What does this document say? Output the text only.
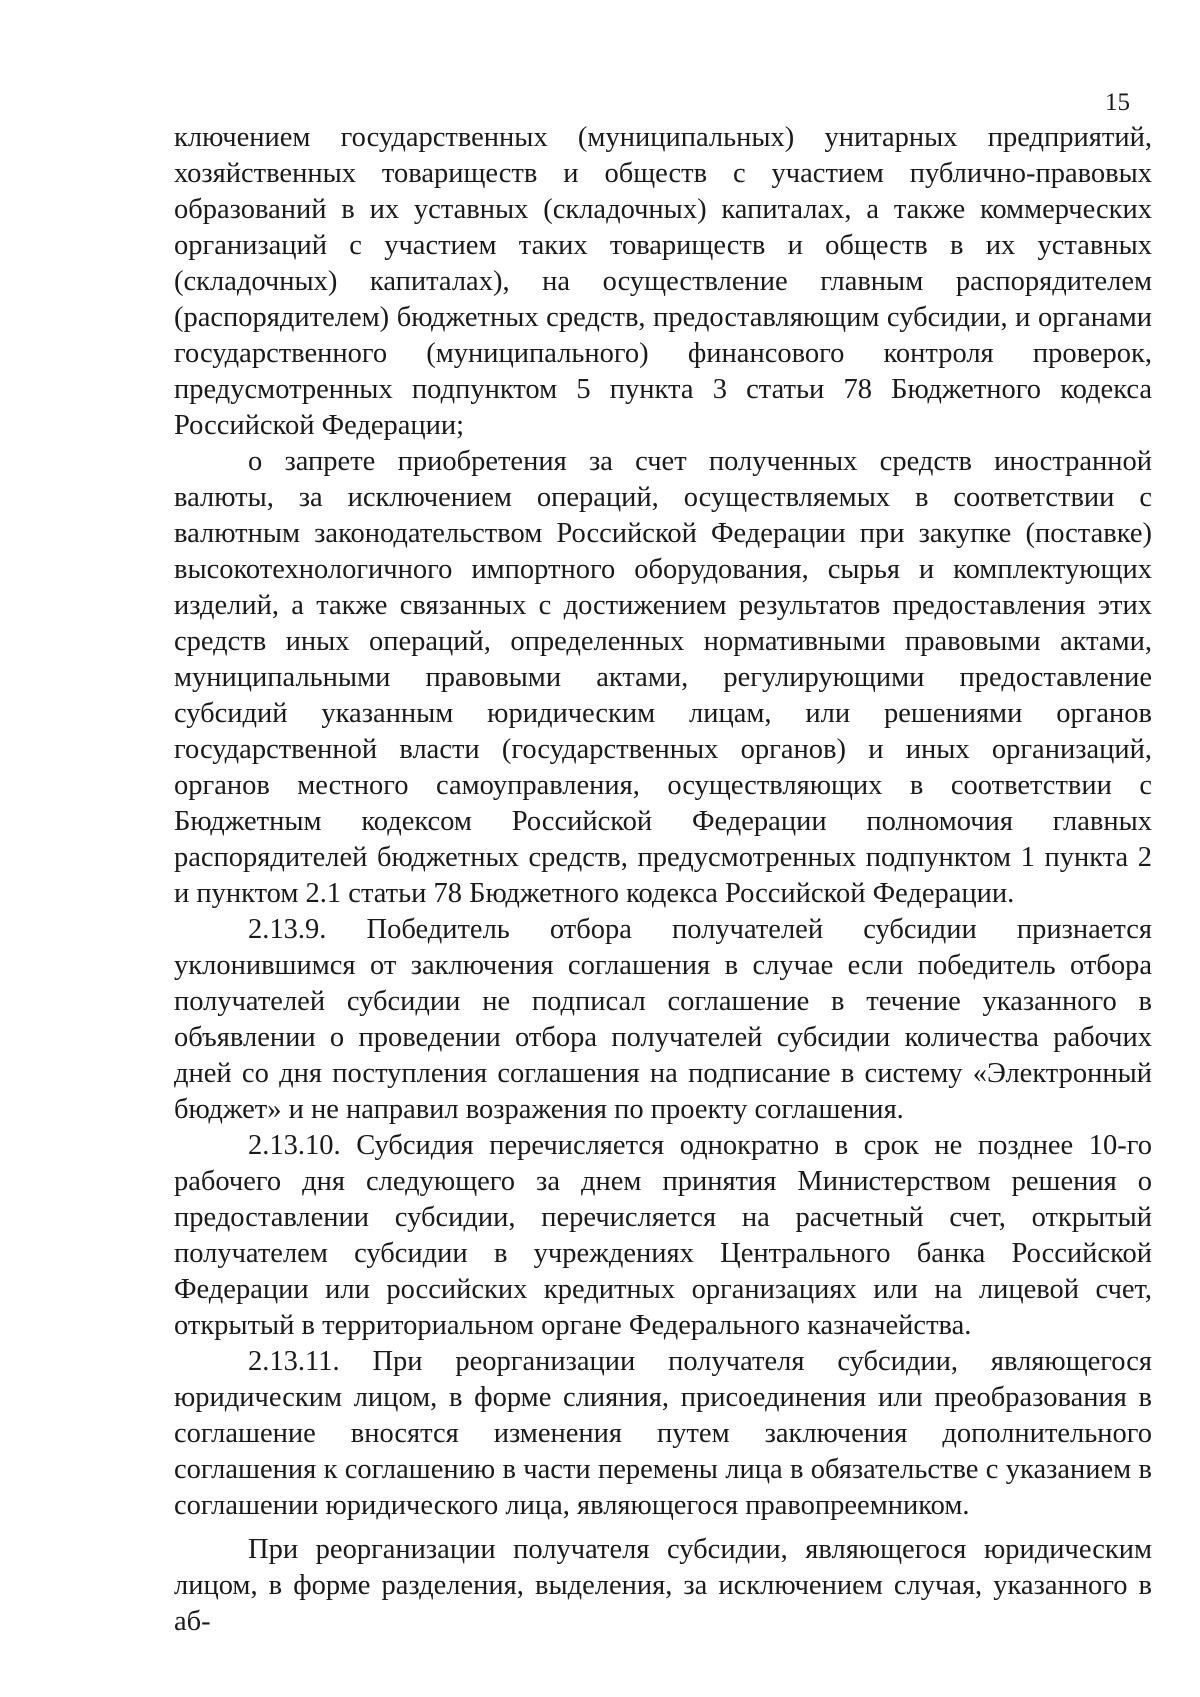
15

ключением государственных (муниципальных) унитарных предприятий, хозяйственных товариществ и обществ с участием публично-правовых образований в их уставных (складочных) капиталах, а также коммерческих организаций с участием таких товариществ и обществ в их уставных (складочных) капиталах), на осуществление главным распорядителем (распорядителем) бюджетных средств, предоставляющим субсидии, и органами государственного (муниципального) финансового контроля проверок, предусмотренных подпунктом 5 пункта 3 статьи 78 Бюджетного кодекса Российской Федерации;

о запрете приобретения за счет полученных средств иностранной валюты, за исключением операций, осуществляемых в соответствии с валютным законодательством Российской Федерации при закупке (поставке) высокотехнологичного импортного оборудования, сырья и комплектующих изделий, а также связанных с достижением результатов предоставления этих средств иных операций, определенных нормативными правовыми актами, муниципальными правовыми актами, регулирующими предоставление субсидий указанным юридическим лицам, или решениями органов государственной власти (государственных органов) и иных организаций, органов местного самоуправления, осуществляющих в соответствии с Бюджетным кодексом Российской Федерации полномочия главных распорядителей бюджетных средств, предусмотренных подпунктом 1 пункта 2 и пунктом 2.1 статьи 78 Бюджетного кодекса Российской Федерации.

2.13.9. Победитель отбора получателей субсидии признается уклонившимся от заключения соглашения в случае если победитель отбора получателей субсидии не подписал соглашение в течение указанного в объявлении о проведении отбора получателей субсидии количества рабочих дней со дня поступления соглашения на подписание в систему «Электронный бюджет» и не направил возражения по проекту соглашения.

2.13.10. Субсидия перечисляется однократно в срок не позднее 10-го рабочего дня следующего за днем принятия Министерством решения о предоставлении субсидии, перечисляется на расчетный счет, открытый получателем субсидии в учреждениях Центрального банка Российской Федерации или российских кредитных организациях или на лицевой счет, открытый в территориальном органе Федерального казначейства.

2.13.11. При реорганизации получателя субсидии, являющегося юридическим лицом, в форме слияния, присоединения или преобразования в соглашение вносятся изменения путем заключения дополнительного соглашения к соглашению в части перемены лица в обязательстве с указанием в соглашении юридического лица, являющегося правопреемником.

При реорганизации получателя субсидии, являющегося юридическим лицом, в форме разделения, выделения, за исключением случая, указанного в аб-
